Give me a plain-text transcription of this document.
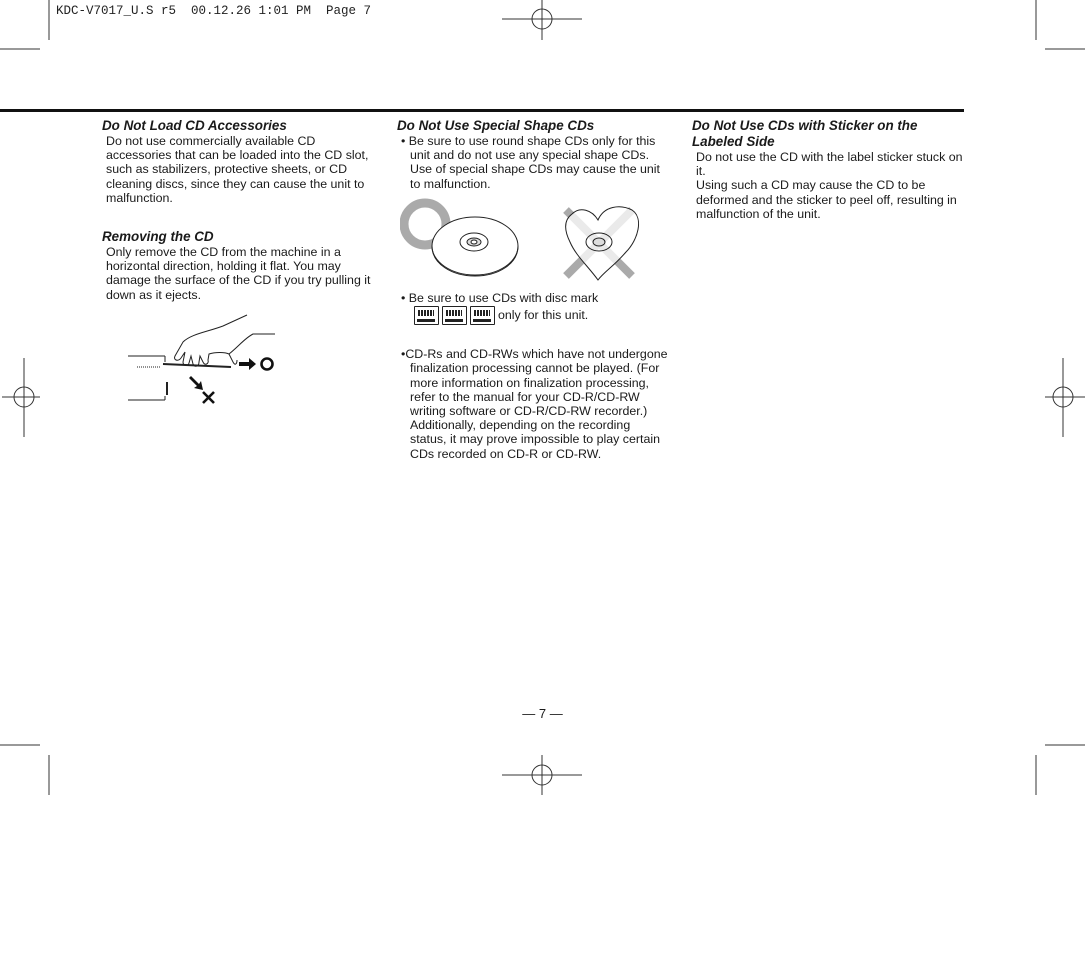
KDC-V7017_U.S r5  00.12.26 1:01 PM  Page 7

Do Not Load CD Accessories

Do not use commercially available CD accessories that can be loaded into the CD slot, such as stabilizers, protective sheets, or CD cleaning discs, since they can cause the unit to malfunction.

Removing the CD

Only remove the CD from the machine in a horizontal direction, holding it flat. You may damage the surface of the CD if you try pulling it down as it ejects.

Do Not Use Special Shape CDs

• Be sure to use round shape CDs only for this unit and do not use any special shape CDs. Use of special shape CDs may cause the unit to malfunction.

• Be sure to use CDs with disc mark

only for this unit.

•CD-Rs and CD-RWs which have not undergone finalization processing cannot be played. (For more information on finalization processing, refer to the manual for your CD-R/CD-RW writing software or CD-R/CD-RW recorder.) Additionally, depending on the recording status, it may prove impossible to play certain CDs recorded on CD-R or CD-RW.

Do Not Use CDs with Sticker on the Labeled Side

Do not use the CD with the label sticker stuck on it.

Using such a CD may cause the CD to be deformed and the sticker to peel off, resulting in malfunction of the unit.

— 7 —
